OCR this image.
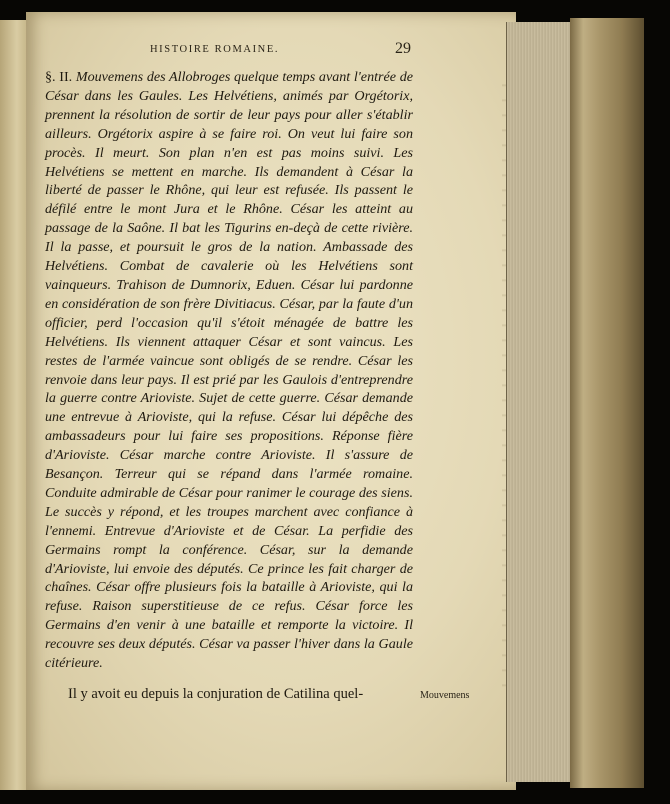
HISTOIRE ROMAINE.	29
§. II. Mouvemens des Allobroges quelque temps avant l'entrée de César dans les Gaules. Les Helvétiens, animés par Orgétorix, prennent la résolution de sortir de leur pays pour aller s'établir ailleurs. Orgétorix aspire à se faire roi. On veut lui faire son procès. Il meurt. Son plan n'en est pas moins suivi. Les Helvétiens se mettent en marche. Ils demandent à César la liberté de passer le Rhône, qui leur est refusée. Ils passent le défilé entre le mont Jura et le Rhône. César les atteint au passage de la Saône. Il bat les Tigurins en-deçà de cette rivière. Il la passe, et poursuit le gros de la nation. Ambassade des Helvétiens. Combat de cavalerie où les Helvétiens sont vainqueurs. Trahison de Dumnorix, Eduen. César lui pardonne en considération de son frère Divitiacus. César, par la faute d'un officier, perd l'occasion qu'il s'étoit ménagée de battre les Helvétiens. Ils viennent attaquer César et sont vaincus. Les restes de l'armée vaincue sont obligés de se rendre. César les renvoie dans leur pays. Il est prié par les Gaulois d'entreprendre la guerre contre Arioviste. Sujet de cette guerre. César demande une entrevue à Arioviste, qui la refuse. César lui dépêche des ambassadeurs pour lui faire ses propositions. Réponse fière d'Arioviste. César marche contre Arioviste. Il s'assure de Besançon. Terreur qui se répand dans l'armée romaine. Conduite admirable de César pour ranimer le courage des siens. Le succès y répond, et les troupes marchent avec confiance à l'ennemi. Entrevue d'Arioviste et de César. La perfidie des Germains rompt la conférence. César, sur la demande d'Arioviste, lui envoie des députés. Ce prince les fait charger de chaînes. César offre plusieurs fois la bataille à Arioviste, qui la refuse. Raison superstitieuse de ce refus. César force les Germains d'en venir à une bataille et remporte la victoire. Il recouvre ses deux députés. César va passer l'hiver dans la Gaule citérieure.
Il y avoit eu depuis la conjuration de Catilina quel-	Mouvemens
